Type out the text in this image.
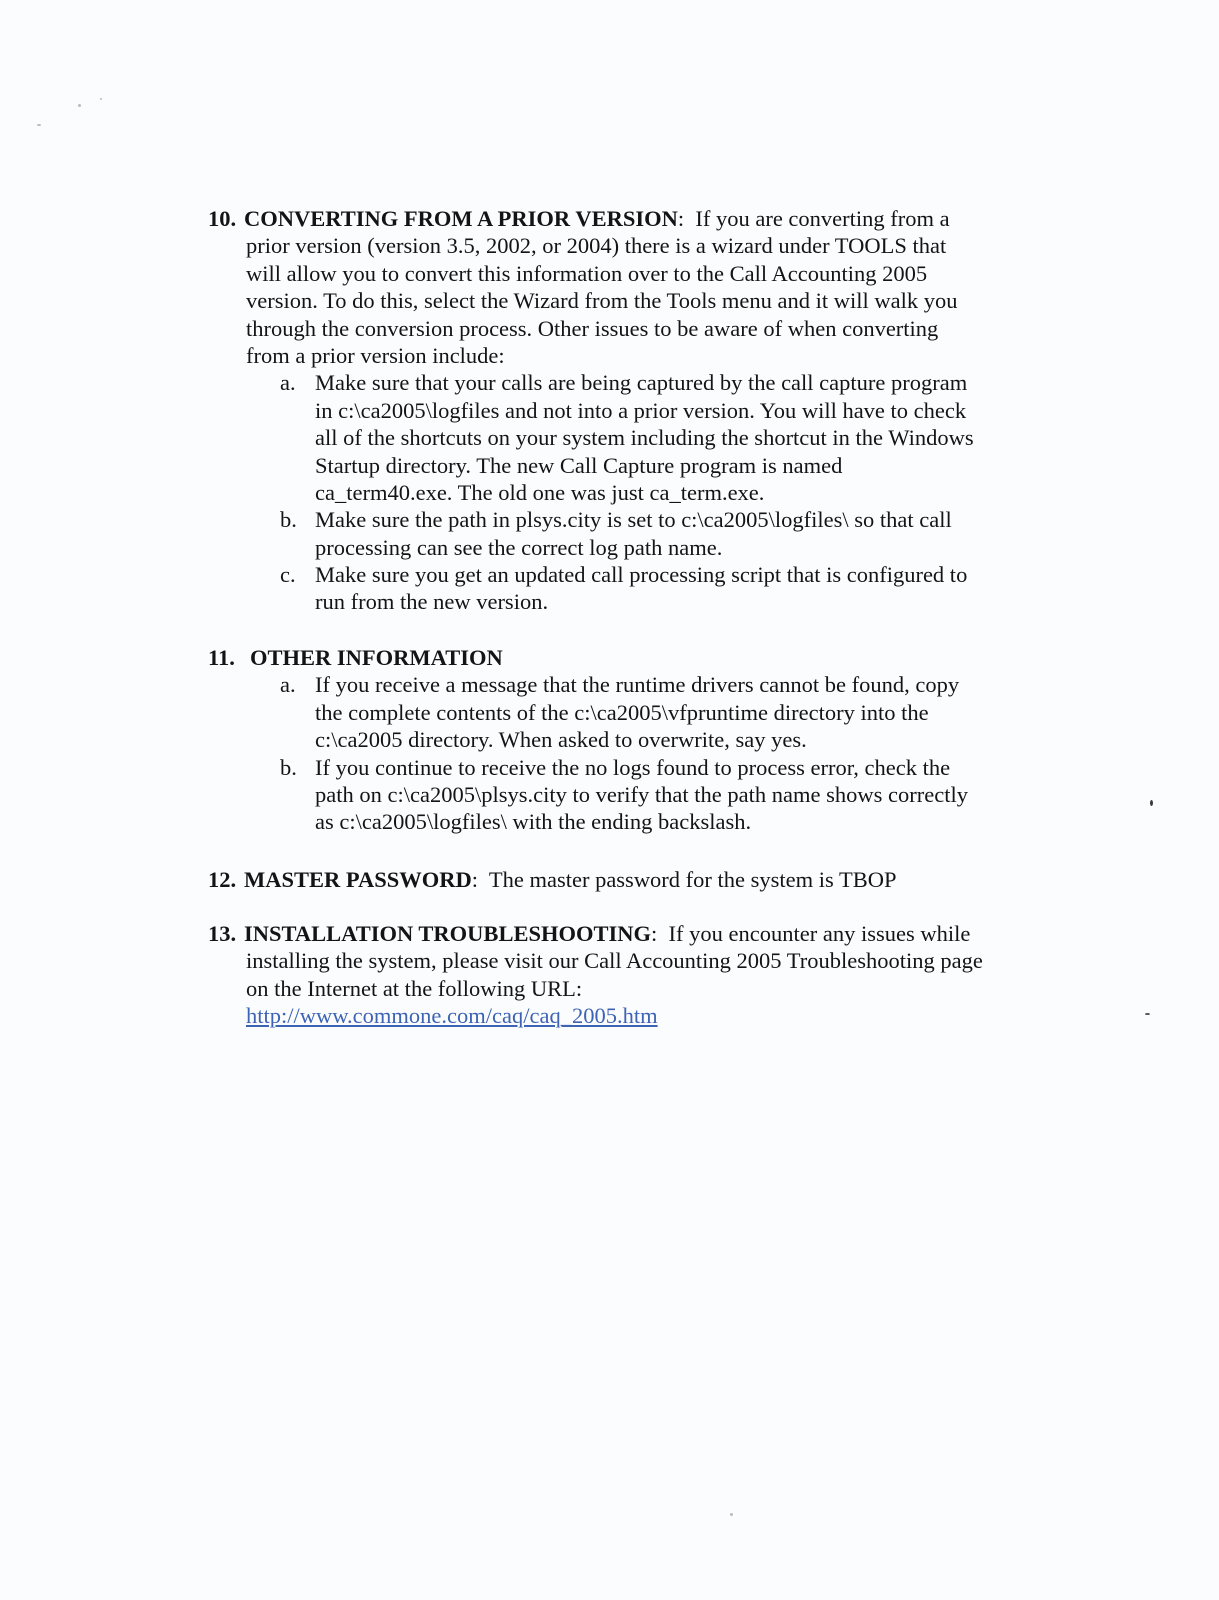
10. CONVERTING FROM A PRIOR VERSION:  If you are converting from a
prior version (version 3.5, 2002, or 2004) there is a wizard under TOOLS that
will allow you to convert this information over to the Call Accounting 2005
version. To do this, select the Wizard from the Tools menu and it will walk you
through the conversion process. Other issues to be aware of when converting
from a prior version include:
a. Make sure that your calls are being captured by the call capture program
in c:\ca2005\logfiles and not into a prior version. You will have to check
all of the shortcuts on your system including the shortcut in the Windows
Startup directory. The new Call Capture program is named
ca_term40.exe. The old one was just ca_term.exe.
b. Make sure the path in plsys.city is set to c:\ca2005\logfiles\ so that call
processing can see the correct log path name.
c. Make sure you get an updated call processing script that is configured to
run from the new version.
11. OTHER INFORMATION
a. If you receive a message that the runtime drivers cannot be found, copy
the complete contents of the c:\ca2005\vfpruntime directory into the
c:\ca2005 directory. When asked to overwrite, say yes.
b. If you continue to receive the no logs found to process error, check the
path on c:\ca2005\plsys.city to verify that the path name shows correctly
as c:\ca2005\logfiles\ with the ending backslash.
12. MASTER PASSWORD:  The master password for the system is TBOP
13. INSTALLATION TROUBLESHOOTING:  If you encounter any issues while
installing the system, please visit our Call Accounting 2005 Troubleshooting page
on the Internet at the following URL:
http://www.commone.com/caq/caq_2005.htm
